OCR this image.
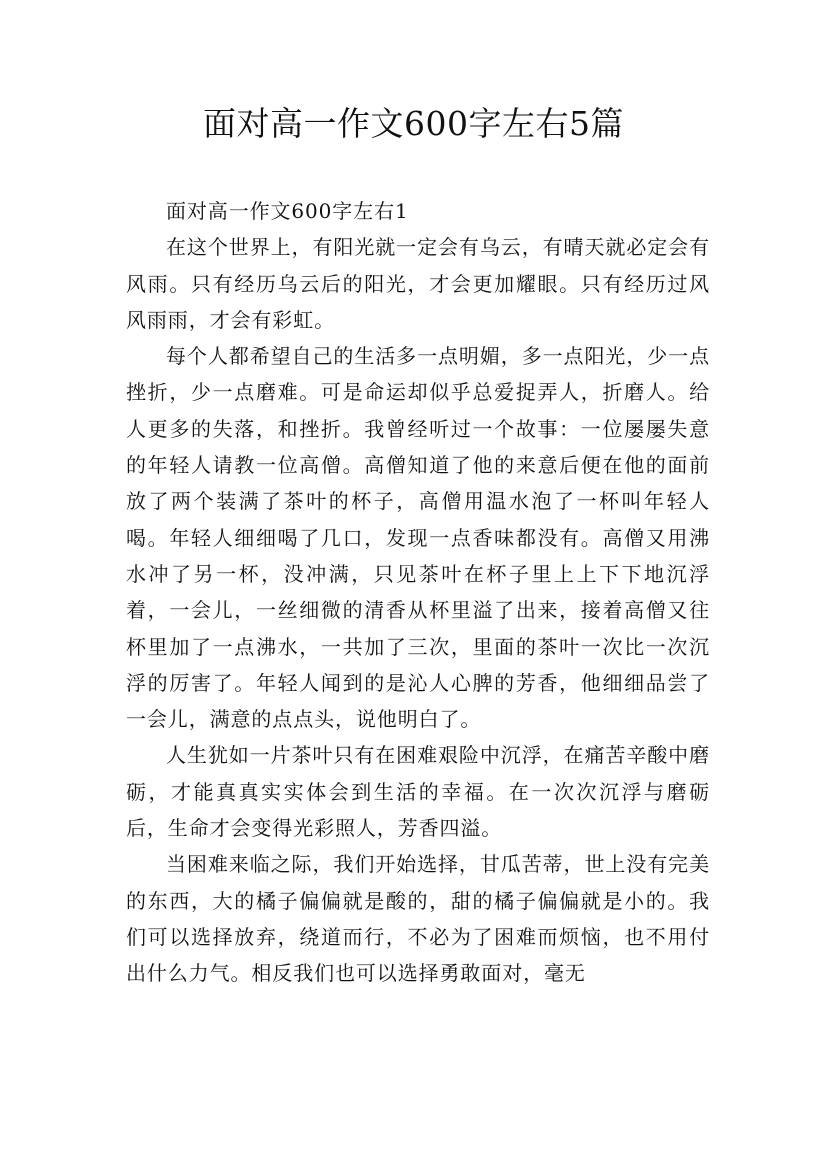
面对高一作文600字左右5篇

面对高一作文600字左右1

在这个世界上，有阳光就一定会有乌云，有晴天就必定会有风雨。只有经历乌云后的阳光，才会更加耀眼。只有经历过风风雨雨，才会有彩虹。

每个人都希望自己的生活多一点明媚，多一点阳光，少一点挫折，少一点磨难。可是命运却似乎总爱捉弄人，折磨人。给人更多的失落，和挫折。我曾经听过一个故事：一位屡屡失意的年轻人请教一位高僧。高僧知道了他的来意后便在他的面前放了两个装满了茶叶的杯子，高僧用温水泡了一杯叫年轻人喝。年轻人细细喝了几口，发现一点香味都没有。高僧又用沸水冲了另一杯，没冲满，只见茶叶在杯子里上上下下地沉浮着，一会儿，一丝细微的清香从杯里溢了出来，接着高僧又往杯里加了一点沸水，一共加了三次，里面的茶叶一次比一次沉浮的厉害了。年轻人闻到的是沁人心脾的芳香，他细细品尝了一会儿，满意的点点头，说他明白了。

人生犹如一片茶叶只有在困难艰险中沉浮，在痛苦辛酸中磨砺，才能真真实实体会到生活的幸福。在一次次沉浮与磨砺后，生命才会变得光彩照人，芳香四溢。

当困难来临之际，我们开始选择，甘瓜苦蒂，世上没有完美的东西，大的橘子偏偏就是酸的，甜的橘子偏偏就是小的。我们可以选择放弃，绕道而行，不必为了困难而烦恼，也不用付出什么力气。相反我们也可以选择勇敢面对，毫无
